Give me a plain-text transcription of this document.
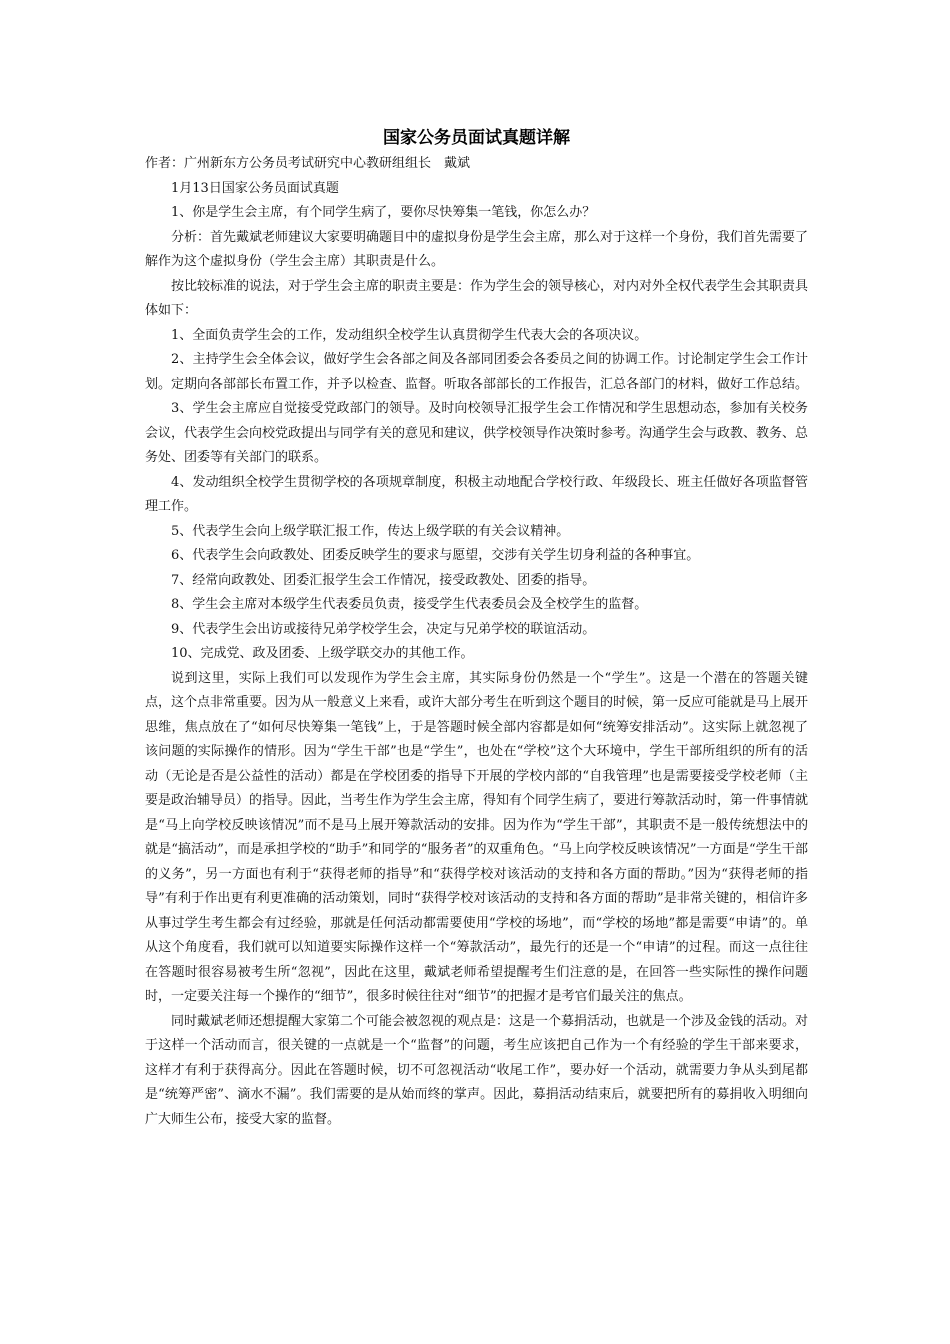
国家公务员面试真题详解

作者：广州新东方公务员考试研究中心教研组组长　戴斌

1月13日国家公务员面试真题

1、你是学生会主席，有个同学生病了，要你尽快筹集一笔钱，你怎么办？

分析：首先戴斌老师建议大家要明确题目中的虚拟身份是学生会主席，那么对于这样一个身份，我们首先需要了解作为这个虚拟身份（学生会主席）其职责是什么。

按比较标准的说法，对于学生会主席的职责主要是：作为学生会的领导核心，对内对外全权代表学生会其职责具体如下：

1、全面负责学生会的工作，发动组织全校学生认真贯彻学生代表大会的各项决议。

2、主持学生会全体会议，做好学生会各部之间及各部同团委会各委员之间的协调工作。讨论制定学生会工作计划。定期向各部部长布置工作，并予以检查、监督。听取各部部长的工作报告，汇总各部门的材料，做好工作总结。

3、学生会主席应自觉接受党政部门的领导。及时向校领导汇报学生会工作情况和学生思想动态，参加有关校务会议，代表学生会向校党政提出与同学有关的意见和建议，供学校领导作决策时参考。沟通学生会与政教、教务、总务处、团委等有关部门的联系。

4、发动组织全校学生贯彻学校的各项规章制度，积极主动地配合学校行政、年级段长、班主任做好各项监督管理工作。

5、代表学生会向上级学联汇报工作，传达上级学联的有关会议精神。

6、代表学生会向政教处、团委反映学生的要求与愿望，交涉有关学生切身利益的各种事宜。

7、经常向政教处、团委汇报学生会工作情况，接受政教处、团委的指导。

8、学生会主席对本级学生代表委员负责，接受学生代表委员会及全校学生的监督。

9、代表学生会出访或接待兄弟学校学生会，决定与兄弟学校的联谊活动。

10、完成党、政及团委、上级学联交办的其他工作。

说到这里，实际上我们可以发现作为学生会主席，其实际身份仍然是一个“学生”。这是一个潜在的答题关键点，这个点非常重要。因为从一般意义上来看，或许大部分考生在听到这个题目的时候，第一反应可能就是马上展开思维，焦点放在了“如何尽快筹集一笔钱”上，于是答题时候全部内容都是如何“统筹安排活动”。这实际上就忽视了该问题的实际操作的情形。因为“学生干部”也是“学生”，也处在“学校”这个大环境中，学生干部所组织的所有的活动（无论是否是公益性的活动）都是在学校团委的指导下开展的学校内部的“自我管理”也是需要接受学校老师（主要是政治辅导员）的指导。因此，当考生作为学生会主席，得知有个同学生病了，要进行筹款活动时，第一件事情就是“马上向学校反映该情况”而不是马上展开筹款活动的安排。因为作为“学生干部”，其职责不是一般传统想法中的就是“搞活动”，而是承担学校的“助手”和同学的“服务者”的双重角色。“马上向学校反映该情况”一方面是“学生干部的义务”，另一方面也有利于“获得老师的指导”和“获得学校对该活动的支持和各方面的帮助。”因为“获得老师的指导”有利于作出更有利更准确的活动策划，同时“获得学校对该活动的支持和各方面的帮助”是非常关键的，相信许多从事过学生考生都会有过经验，那就是任何活动都需要使用“学校的场地”，而“学校的场地”都是需要“申请”的。单从这个角度看，我们就可以知道要实际操作这样一个“筹款活动”，最先行的还是一个“申请”的过程。而这一点往往在答题时很容易被考生所“忽视”，因此在这里，戴斌老师希望提醒考生们注意的是，在回答一些实际性的操作问题时，一定要关注每一个操作的“细节”，很多时候往往对“细节”的把握才是考官们最关注的焦点。

同时戴斌老师还想提醒大家第二个可能会被忽视的观点是：这是一个募捐活动，也就是一个涉及金钱的活动。对于这样一个活动而言，很关键的一点就是一个“监督”的问题，考生应该把自己作为一个有经验的学生干部来要求，这样才有利于获得高分。因此在答题时候，切不可忽视活动“收尾工作”，要办好一个活动，就需要力争从头到尾都是“统筹严密”、滴水不漏”。我们需要的是从始而终的掌声。因此，募捐活动结束后，就要把所有的募捐收入明细向广大师生公布，接受大家的监督。
